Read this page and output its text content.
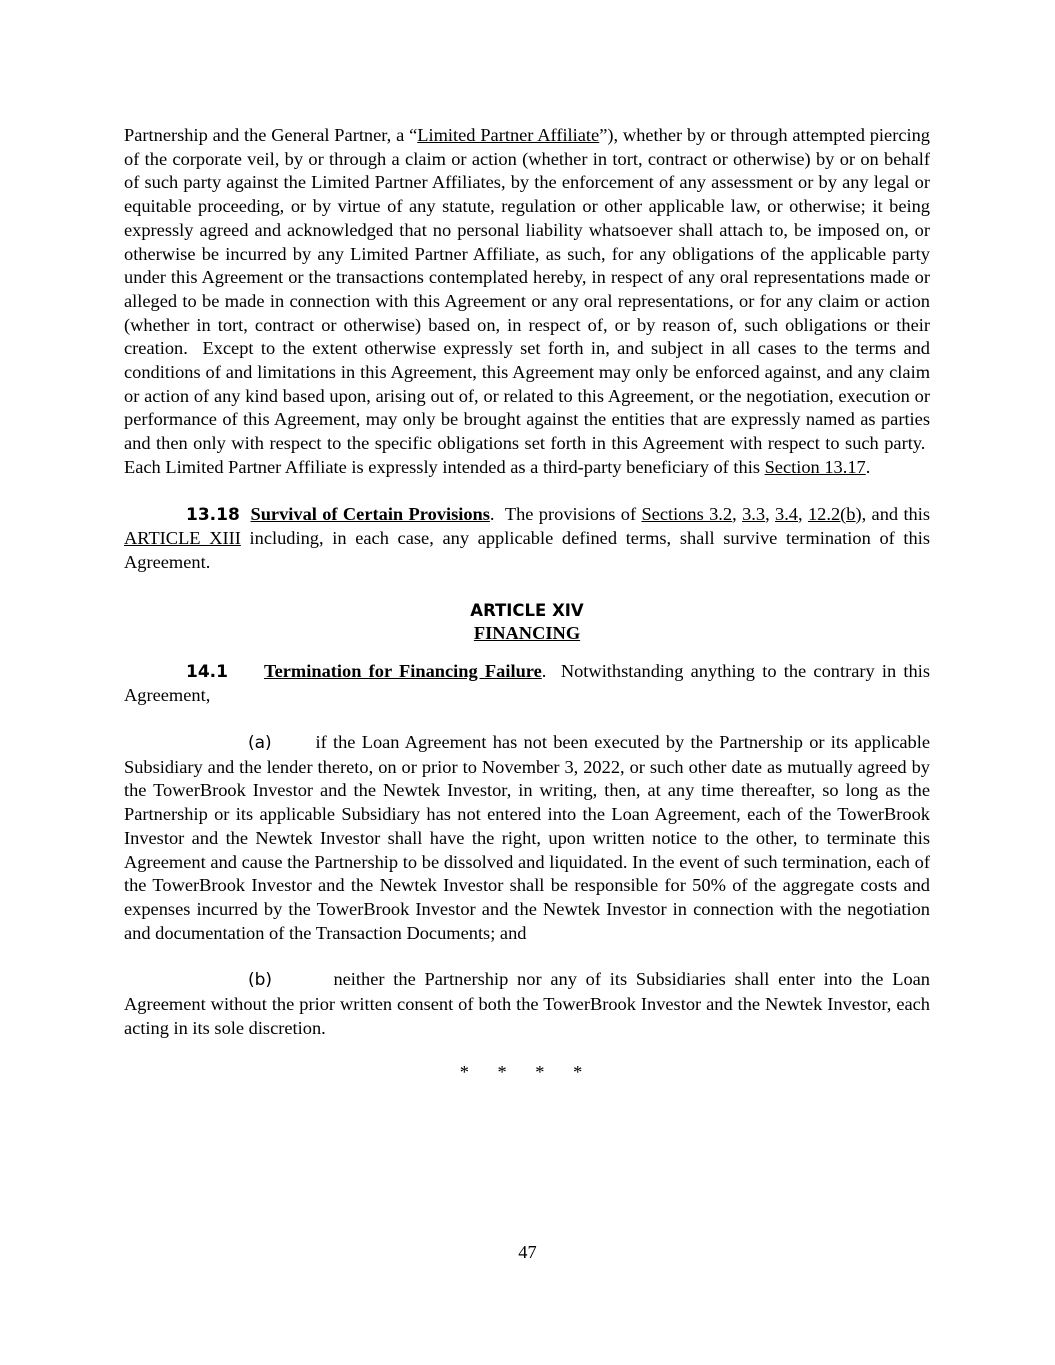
Partnership and the General Partner, a “Limited Partner Affiliate”), whether by or through attempted piercing of the corporate veil, by or through a claim or action (whether in tort, contract or otherwise) by or on behalf of such party against the Limited Partner Affiliates, by the enforcement of any assessment or by any legal or equitable proceeding, or by virtue of any statute, regulation or other applicable law, or otherwise; it being expressly agreed and acknowledged that no personal liability whatsoever shall attach to, be imposed on, or otherwise be incurred by any Limited Partner Affiliate, as such, for any obligations of the applicable party under this Agreement or the transactions contemplated hereby, in respect of any oral representations made or alleged to be made in connection with this Agreement or any oral representations, or for any claim or action (whether in tort, contract or otherwise) based on, in respect of, or by reason of, such obligations or their creation.  Except to the extent otherwise expressly set forth in, and subject in all cases to the terms and conditions of and limitations in this Agreement, this Agreement may only be enforced against, and any claim or action of any kind based upon, arising out of, or related to this Agreement, or the negotiation, execution or performance of this Agreement, may only be brought against the entities that are expressly named as parties and then only with respect to the specific obligations set forth in this Agreement with respect to such party.  Each Limited Partner Affiliate is expressly intended as a third-party beneficiary of this Section 13.17.

13.18 Survival of Certain Provisions.  The provisions of Sections 3.2, 3.3, 3.4, 12.2(b), and this ARTICLE XIII including, in each case, any applicable defined terms, shall survive termination of this Agreement.

ARTICLE XIV
FINANCING

14.1 Termination for Financing Failure.  Notwithstanding anything to the contrary in this Agreement,

(a) if the Loan Agreement has not been executed by the Partnership or its applicable Subsidiary and the lender thereto, on or prior to November 3, 2022, or such other date as mutually agreed by the TowerBrook Investor and the Newtek Investor, in writing, then, at any time thereafter, so long as the Partnership or its applicable Subsidiary has not entered into the Loan Agreement, each of the TowerBrook Investor and the Newtek Investor shall have the right, upon written notice to the other, to terminate this Agreement and cause the Partnership to be dissolved and liquidated. In the event of such termination, each of the TowerBrook Investor and the Newtek Investor shall be responsible for 50% of the aggregate costs and expenses incurred by the TowerBrook Investor and the Newtek Investor in connection with the negotiation and documentation of the Transaction Documents; and

(b)	neither the Partnership nor any of its Subsidiaries shall enter into the Loan Agreement without the prior written consent of both the TowerBrook Investor and the Newtek Investor, each acting in its sole discretion.

* * * *
47
